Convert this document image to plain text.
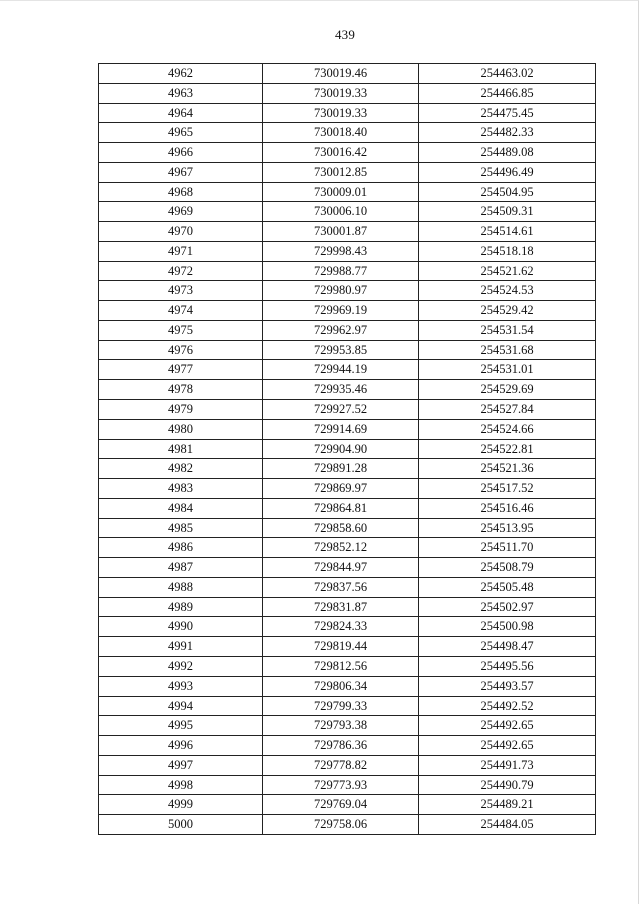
439
4962	730019.46	254463.02
4963	730019.33	254466.85
4964	730019.33	254475.45
4965	730018.40	254482.33
4966	730016.42	254489.08
4967	730012.85	254496.49
4968	730009.01	254504.95
4969	730006.10	254509.31
4970	730001.87	254514.61
4971	729998.43	254518.18
4972	729988.77	254521.62
4973	729980.97	254524.53
4974	729969.19	254529.42
4975	729962.97	254531.54
4976	729953.85	254531.68
4977	729944.19	254531.01
4978	729935.46	254529.69
4979	729927.52	254527.84
4980	729914.69	254524.66
4981	729904.90	254522.81
4982	729891.28	254521.36
4983	729869.97	254517.52
4984	729864.81	254516.46
4985	729858.60	254513.95
4986	729852.12	254511.70
4987	729844.97	254508.79
4988	729837.56	254505.48
4989	729831.87	254502.97
4990	729824.33	254500.98
4991	729819.44	254498.47
4992	729812.56	254495.56
4993	729806.34	254493.57
4994	729799.33	254492.52
4995	729793.38	254492.65
4996	729786.36	254492.65
4997	729778.82	254491.73
4998	729773.93	254490.79
4999	729769.04	254489.21
5000	729758.06	254484.05
